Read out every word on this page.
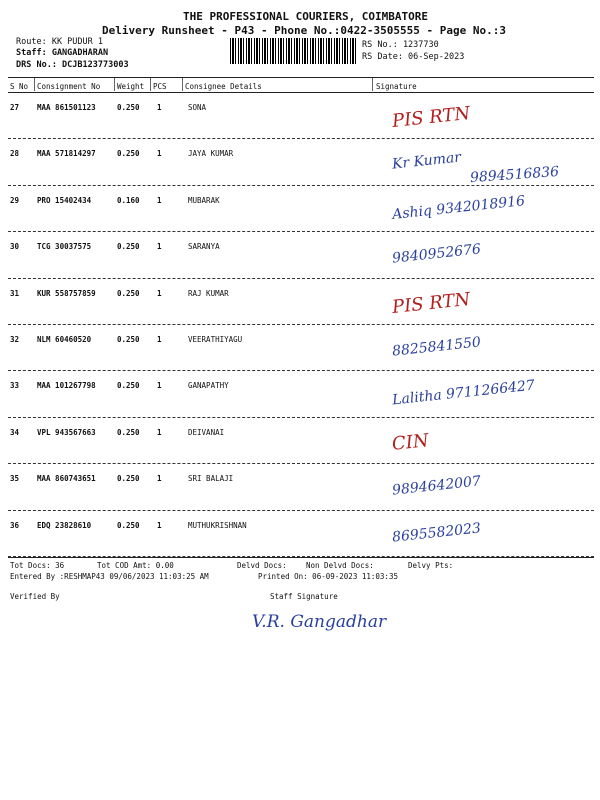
THE PROFESSIONAL COURIERS, COIMBATORE
Delivery Runsheet - P43 - Phone No.:0422-3505555 - Page No.:3
Route: KK PUDUR 1
Staff: GANGADHARAN
DRS No.: DCJB123773003
RS No.: 1237730
RS Date: 06-Sep-2023
S No Consignment No Weight PCS Consignee Details	Signature
27 MAA 861501123	0.250 1	SONA	PIS RTN
28 MAA 571814297	0.250 1	JAYA KUMAR	Kr Kumar
9894516836
29 PRO 15402434	0.160 1	MUBARAK	Ashiq 9342018916
30 TCG 30037575	0.250 1	SARANYA	9840952676
31 KUR 558757859	0.250 1	RAJ KUMAR	PIS RTN
32 NLM 60460520	0.250 1	VEERATHIYAGU	8825841550
33 MAA 101267798	0.250 1	GANAPATHY	Lalitha 9711266427
34 VPL 943567663	0.250 1	DEIVANAI	CIN
35 MAA 860743651	0.250 1	SRI BALAJI	9894642007
36 EDQ 23828610	0.250 1	MUTHUKRISHNAN	8695582023
Tot Docs: 36	Tot COD Amt: 0.00	Delvd Docs:	Non Delvd Docs:	Delvy Pts:
Entered By :RESHMAP43 09/06/2023 11:03:25 AM	Printed On: 06-09-2023 11:03:35
Verified By	Staff Signature
V.R. Gangadhar
